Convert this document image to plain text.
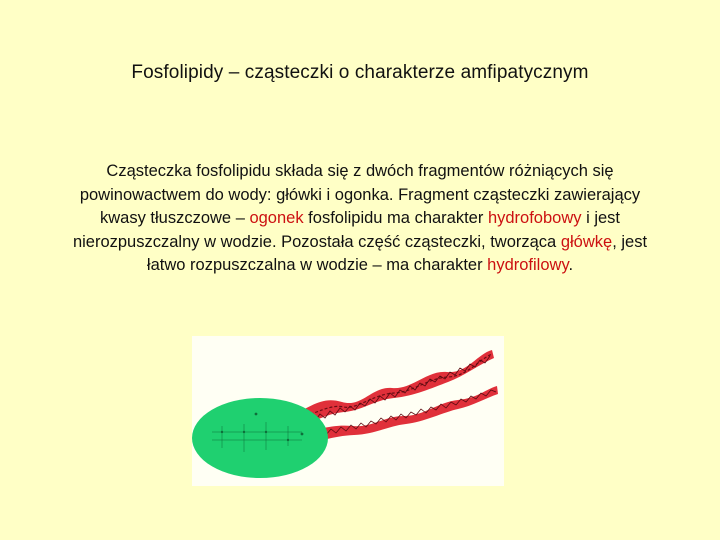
Fosfolipidy – cząsteczki o charakterze amfipatycznym
Cząsteczka fosfolipidu składa się z dwóch fragmentów różniących się powinowactwem do wody: główki i ogonka. Fragment cząsteczki zawierający kwasy tłuszczowe – ogonek fosfolipidu ma charakter hydrofobowy i jest nierozpuszczalny w wodzie. Pozostała część cząsteczki, tworząca główkę, jest łatwo rozpuszczalna w wodzie – ma charakter hydrofilowy.
